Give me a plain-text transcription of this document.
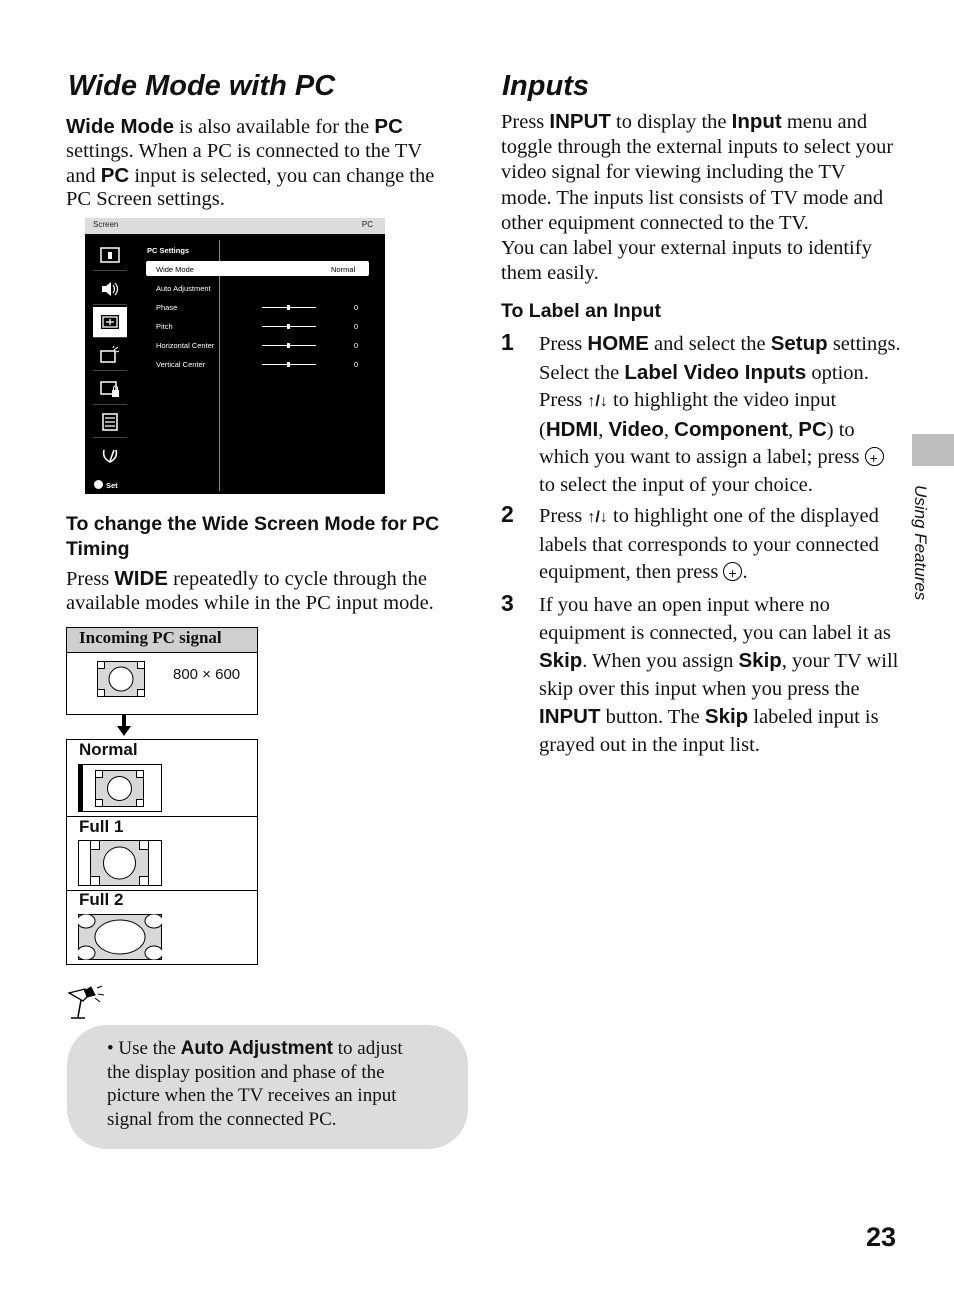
Wide Mode with PC
Wide Mode is also available for the PC settings. When a PC is connected to the TV and PC input is selected, you can change the PC Screen settings.
Screen	PC
PC Settings
Wide Mode	Normal
Auto Adjustment
Phase	0
Pitch	0
Horizontal Center	0
Vertical Center	0
Set
To change the Wide Screen Mode for PC Timing
Press WIDE repeatedly to cycle through the available modes while in the PC input mode.
Incoming PC signal
800 × 600
Normal
Full 1
Full 2
• Use the Auto Adjustment to adjust the display position and phase of the picture when the TV receives an input signal from the connected PC.
Inputs
Press INPUT to display the Input menu and toggle through the external inputs to select your video signal for viewing including the TV mode. The inputs list consists of TV mode and other equipment connected to the TV.
You can label your external inputs to identify them easily.
To Label an Input
1 Press HOME and select the Setup settings. Select the Label Video Inputs option. Press ↑/↓ to highlight the video input (HDMI, Video, Component, PC) to which you want to assign a label; press + to select the input of your choice.
2 Press ↑/↓ to highlight one of the displayed labels that corresponds to your connected equipment, then press +.
3 If you have an open input where no equipment is connected, you can label it as Skip. When you assign Skip, your TV will skip over this input when you press the INPUT button. The Skip labeled input is grayed out in the input list.
Using Features
23
